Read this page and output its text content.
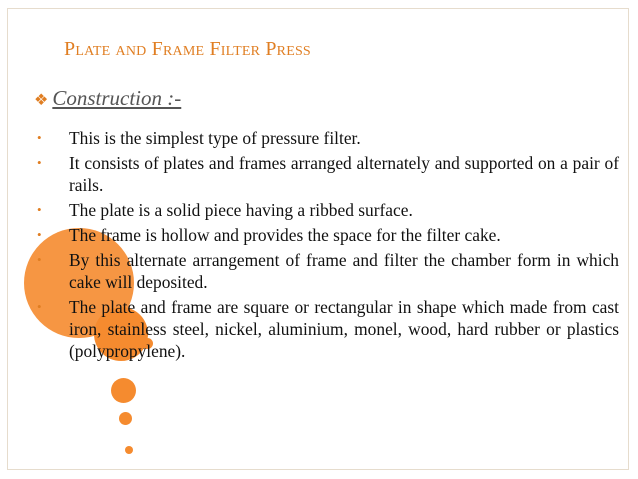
Plate and Frame Filter Press
❖ Construction :-
• This is the simplest type of pressure filter.
• It consists of plates and frames arranged alternately and supported on a pair of rails.
• The plate is a solid piece having a ribbed surface.
• The frame is hollow and provides the space for the filter cake.
• By this alternate arrangement of frame and filter the chamber form in which cake will deposited.
• The plate and frame are square or rectangular in shape which made from cast iron, stainless steel, nickel, aluminium, monel, wood, hard rubber or plastics (polypropylene).
